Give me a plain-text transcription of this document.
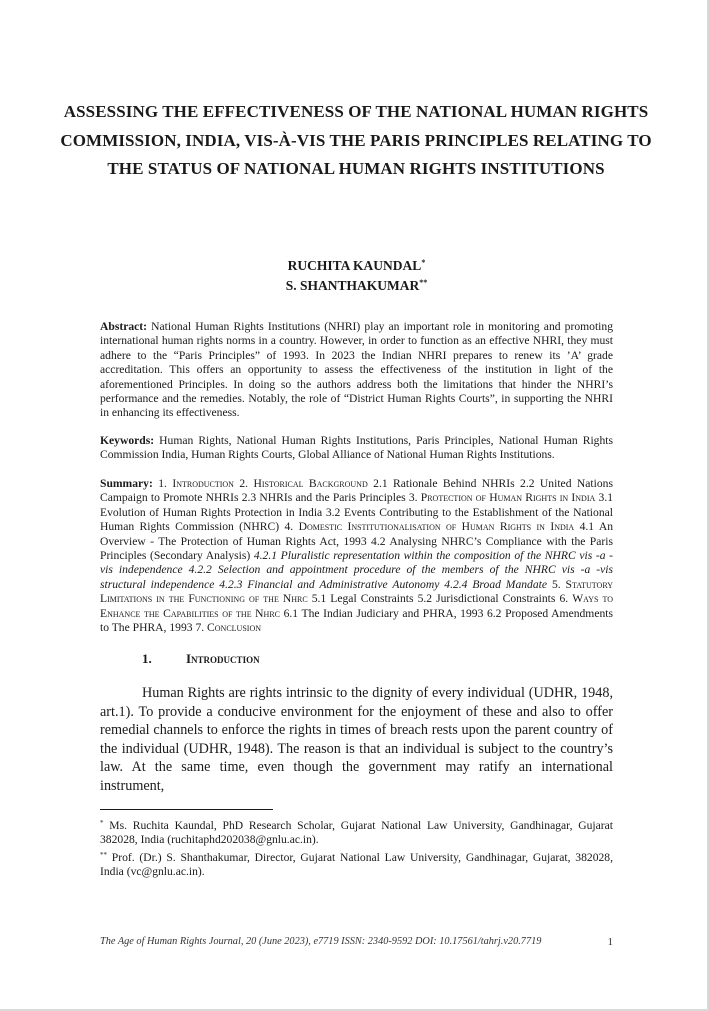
ASSESSING THE EFFECTIVENESS OF THE NATIONAL HUMAN RIGHTS COMMISSION, INDIA, VIS-À-VIS THE PARIS PRINCIPLES RELATING TO THE STATUS OF NATIONAL HUMAN RIGHTS INSTITUTIONS
RUCHITA KAUNDAL*
S. SHANTHAKUMAR**
Abstract: National Human Rights Institutions (NHRI) play an important role in monitoring and promoting international human rights norms in a country. However, in order to function as an effective NHRI, they must adhere to the “Paris Principles” of 1993. In 2023 the Indian NHRI prepares to renew its ’A’ grade accreditation. This offers an opportunity to assess the effectiveness of the institution in light of the aforementioned Principles. In doing so the authors address both the limitations that hinder the NHRI’s performance and the remedies. Notably, the role of “District Human Rights Courts”, in supporting the NHRI in enhancing its effectiveness.
Keywords: Human Rights, National Human Rights Institutions, Paris Principles, National Human Rights Commission India, Human Rights Courts, Global Alliance of National Human Rights Institutions.
Summary: 1. Introduction 2. Historical Background 2.1 Rationale Behind NHRIs 2.2 United Nations Campaign to Promote NHRIs 2.3 NHRIs and the Paris Principles 3. Protection of Human Rights in India 3.1 Evolution of Human Rights Protection in India 3.2 Events Contributing to the Establishment of the National Human Rights Commission (NHRC) 4. Domestic Institutionalisation of Human Rights in India 4.1 An Overview - The Protection of Human Rights Act, 1993 4.2 Analysing NHRC’s Compliance with the Paris Principles (Secondary Analysis) 4.2.1 Pluralistic representation within the composition of the NHRC vis -a -vis independence 4.2.2 Selection and appointment procedure of the members of the NHRC vis -a -vis structural independence 4.2.3 Financial and Administrative Autonomy 4.2.4 Broad Mandate 5. Statutory Limitations in the Functioning of the Nhrc 5.1 Legal Constraints 5.2 Jurisdictional Constraints 6. Ways to Enhance the Capabilities of the Nhrc 6.1 The Indian Judiciary and PHRA, 1993 6.2 Proposed Amendments to The PHRA, 1993 7. Conclusion
1.	Introduction
Human Rights are rights intrinsic to the dignity of every individual (UDHR, 1948, art.1). To provide a conducive environment for the enjoyment of these and also to offer remedial channels to enforce the rights in times of breach rests upon the parent country of the individual (UDHR, 1948). The reason is that an individual is subject to the country’s law. At the same time, even though the government may ratify an international instrument,

* Ms. Ruchita Kaundal, PhD Research Scholar, Gujarat National Law University, Gandhinagar, Gujarat 382028, India (ruchitaphd202038@gnlu.ac.in).

** Prof. (Dr.) S. Shanthakumar, Director, Gujarat National Law University, Gandhinagar, Gujarat, 382028, India (vc@gnlu.ac.in).

The Age of Human Rights Journal, 20 (June 2023), e7719 ISSN: 2340-9592 DOI: 10.17561/tahrj.v20.7719	1
